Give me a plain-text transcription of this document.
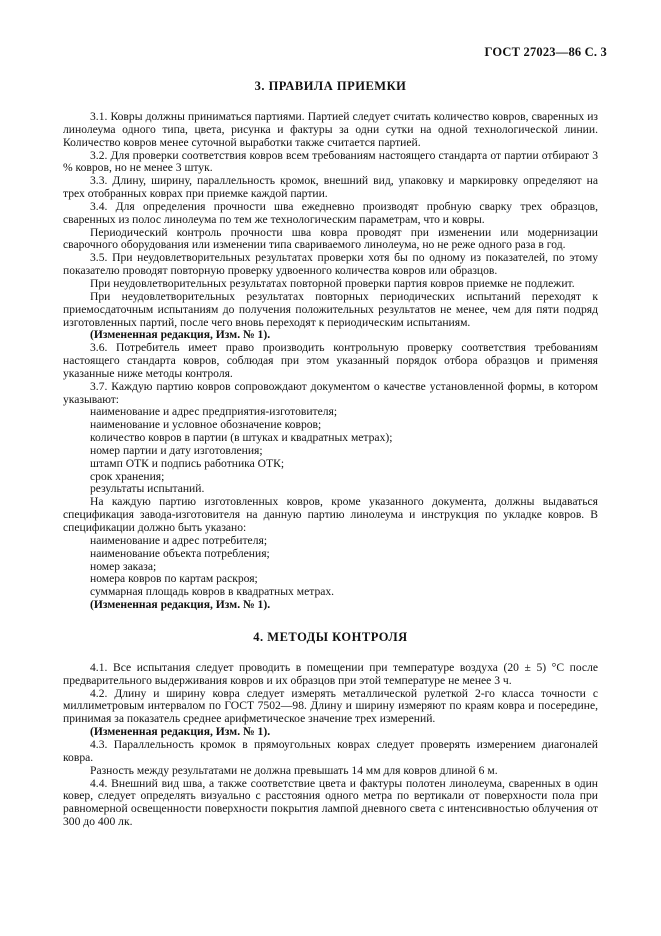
ГОСТ 27023—86 С. 3
3. ПРАВИЛА ПРИЕМКИ

3.1. Ковры должны приниматься партиями. Партией следует считать количество ковров, сваренных из линолеума одного типа, цвета, рисунка и фактуры за одни сутки на одной технологической линии. Количество ковров менее суточной выработки также считается партией.

3.2. Для проверки соответствия ковров всем требованиям настоящего стандарта от партии отбирают 3 % ковров, но не менее 3 штук.

3.3. Длину, ширину, параллельность кромок, внешний вид, упаковку и маркировку определяют на трех отобранных коврах при приемке каждой партии.

3.4. Для определения прочности шва ежедневно производят пробную сварку трех образцов, сваренных из полос линолеума по тем же технологическим параметрам, что и ковры.

Периодический контроль прочности шва ковра проводят при изменении или модернизации сварочного оборудования или изменении типа свариваемого линолеума, но не реже одного раза в год.

3.5. При неудовлетворительных результатах проверки хотя бы по одному из показателей, по этому показателю проводят повторную проверку удвоенного количества ковров или образцов.

При неудовлетворительных результатах повторной проверки партия ковров приемке не подлежит.

При неудовлетворительных результатах повторных периодических испытаний переходят к приемосдаточным испытаниям до получения положительных результатов не менее, чем для пяти подряд изготовленных партий, после чего вновь переходят к периодическим испытаниям.

(Измененная редакция, Изм. № 1).

3.6. Потребитель имеет право производить контрольную проверку соответствия требованиям настоящего стандарта ковров, соблюдая при этом указанный порядок отбора образцов и применяя указанные ниже методы контроля.

3.7. Каждую партию ковров сопровождают документом о качестве установленной формы, в котором указывают:

наименование и адрес предприятия-изготовителя;

наименование и условное обозначение ковров;

количество ковров в партии (в штуках и квадратных метрах);

номер партии и дату изготовления;

штамп ОТК и подпись работника ОТК;

срок хранения;

результаты испытаний.

На каждую партию изготовленных ковров, кроме указанного документа, должны выдаваться спецификация завода-изготовителя на данную партию линолеума и инструкция по укладке ковров. В спецификации должно быть указано:

наименование и адрес потребителя;

наименование объекта потребления;

номер заказа;

номера ковров по картам раскроя;

суммарная площадь ковров в квадратных метрах.

(Измененная редакция, Изм. № 1).

4. МЕТОДЫ КОНТРОЛЯ

4.1. Все испытания следует проводить в помещении при температуре воздуха (20 ± 5) °С после предварительного выдерживания ковров и их образцов при этой температуре не менее 3 ч.

4.2. Длину и ширину ковра следует измерять металлической рулеткой 2-го класса точности с миллиметровым интервалом по ГОСТ 7502—98. Длину и ширину измеряют по краям ковра и посередине, принимая за показатель среднее арифметическое значение трех измерений.

(Измененная редакция, Изм. № 1).

4.3. Параллельность кромок в прямоугольных коврах следует проверять измерением диагоналей ковра.

Разность между результатами не должна превышать 14 мм для ковров длиной 6 м.

4.4. Внешний вид шва, а также соответствие цвета и фактуры полотен линолеума, сваренных в один ковер, следует определять визуально с расстояния одного метра по вертикали от поверхности пола при равномерной освещенности поверхности покрытия лампой дневного света с интенсивностью облучения от 300 до 400 лк.
